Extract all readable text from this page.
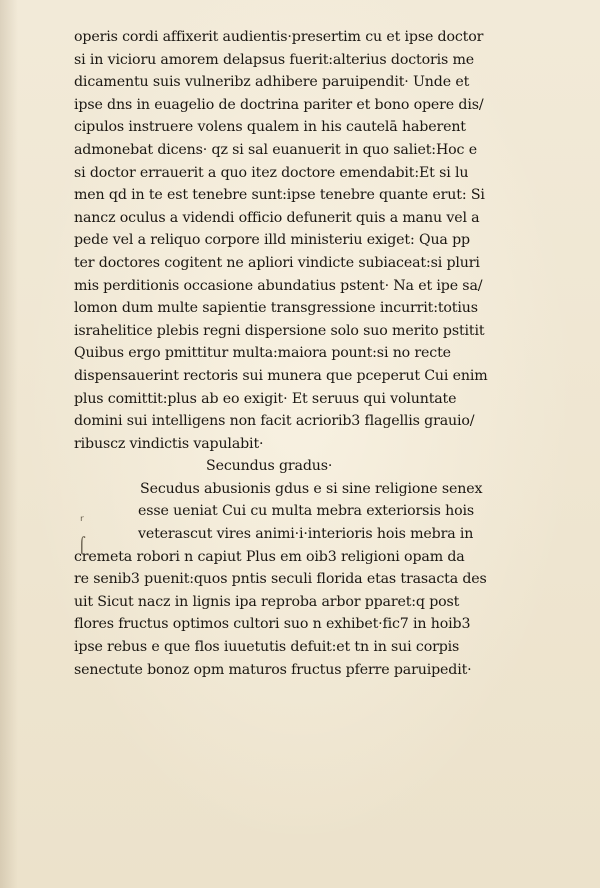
operis cordi affixerit audientis·presertim cu et ipse doctor
si in vicioru amorem delapsus fuerit:alterius doctoris me
dicamentu suis vulneribz adhibere paruipendit· Unde et
ipse dns in euagelio de doctrina pariter et bono opere dis/
cipulos instruere volens qualem in his cautelā haberent
admonebat dicens· qz si sal euanuerit in quo saliet:Hoc e
si doctor errauerit a quo itez doctore emendabit:Et si lu
men qd in te est tenebre sunt:ipse tenebre quante erut: Si
nancz oculus a videndi officio defunerit quis a manu vel a
pede vel a reliquo corpore illd ministeriu exiget: Qua pp
ter doctores cogitent ne apliori vindicte subiaceat:si pluri
mis perditionis occasione abundatius pstent· Na et ipe sa/
lomon dum multe sapientie transgressione incurrit:totius
israhelitice plebis regni dispersione solo suo merito pstitit
Quibus ergo pmittitur multa:maiora pount:si no recte
dispensauerint rectoris sui munera que pceperut Cui enim
plus comittit:plus ab eo exigit· Et seruus qui voluntate
domini sui intelligens non facit acriorib3 flagellis grauio/
ribuscz vindictis vapulabit·
Secundus gradus·
Secudus abusionis gdus e si sine religione senex
esse ueniat Cui cu multa mebra exteriorsis hois
veterascut vires animi·i·interioris hois mebra in
cremeta robori n capiut Plus em oib3 religioni opam da
re senib3 puenit:quos pntis seculi florida etas trasacta des
uit Sicut nacz in lignis ipa reproba arbor pparet:q post
flores fructus optimos cultori suo n exhibet·fic7 in hoib3
ipse rebus e que flos iuuetutis defuit:et tn in sui corpis
senectute bonoz opm maturos fructus pferre paruipedit·
ʳ
⌠
